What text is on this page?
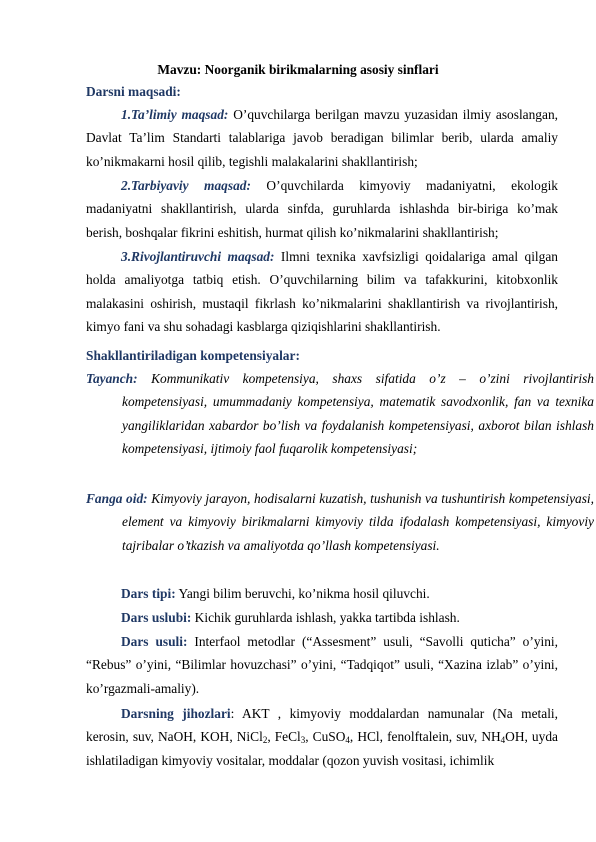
Mavzu: Noorganik birikmalarning asosiy sinflari
Darsni maqsadi:

1.Ta’limiy maqsad: O’quvchilarga berilgan mavzu yuzasidan ilmiy asoslangan, Davlat Ta’lim Standarti talablariga javob beradigan bilimlar berib, ularda amaliy ko’nikmakarni hosil qilib, tegishli malakalarini shakllantirish;

2.Tarbiyaviy maqsad: O’quvchilarda kimyoviy madaniyatni, ekologik madaniyatni shakllantirish, ularda sinfda, guruhlarda ishlashda bir-biriga ko’mak berish, boshqalar fikrini eshitish, hurmat qilish ko’nikmalarini shakllantirish;

3.Rivojlantiruvchi maqsad: Ilmni texnika xavfsizligi qoidalariga amal qilgan holda amaliyotga tatbiq etish. O’quvchilarning bilim va tafakkurini, kitobxonlik malakasini oshirish, mustaqil fikrlash ko’nikmalarini shakllantirish va rivojlantirish, kimyo fani va shu sohadagi kasblarga qiziqishlarini shakllantirish.

Shakllantiriladigan kompetensiyalar:

Tayanch: Kommunikativ kompetensiya, shaxs sifatida o’z – o’zini rivojlantirish kompetensiyasi, umummadaniy kompetensiya, matematik savodxonlik, fan va texnika yangiliklaridan xabardor bo’lish va foydalanish kompetensiyasi, axborot bilan ishlash kompetensiyasi, ijtimoiy faol fuqarolik kompetensiyasi;

Fanga oid: Kimyoviy jarayon, hodisalarni kuzatish, tushunish va tushuntirish kompetensiyasi, element va kimyoviy birikmalarni kimyoviy tilda ifodalash kompetensiyasi, kimyoviy tajribalar o’tkazish va amaliyotda qo’llash kompetensiyasi.

Dars tipi: Yangi bilim beruvchi, ko’nikma hosil qiluvchi.

Dars uslubi: Kichik guruhlarda ishlash, yakka tartibda ishlash.

Dars usuli: Interfaol metodlar (“Assesment” usuli, “Savolli quticha” o’yini, “Rebus” o’yini, “Bilimlar hovuzchasi” o’yini, “Tadqiqot” usuli, “Xazina izlab” o’yini, ko’rgazmali-amaliy).

Darsning jihozlari: AKT , kimyoviy moddalardan namunalar (Na metali, kerosin, suv, NaOH, KOH, NiCl$_2$, FeCl$_3$, CuSO$_4$, HCl, fenolftalein, suv, $NH_4OH$, uyda ishlatiladigan kimyoviy vositalar, moddalar (qozon yuvish vositasi, ichimlik
